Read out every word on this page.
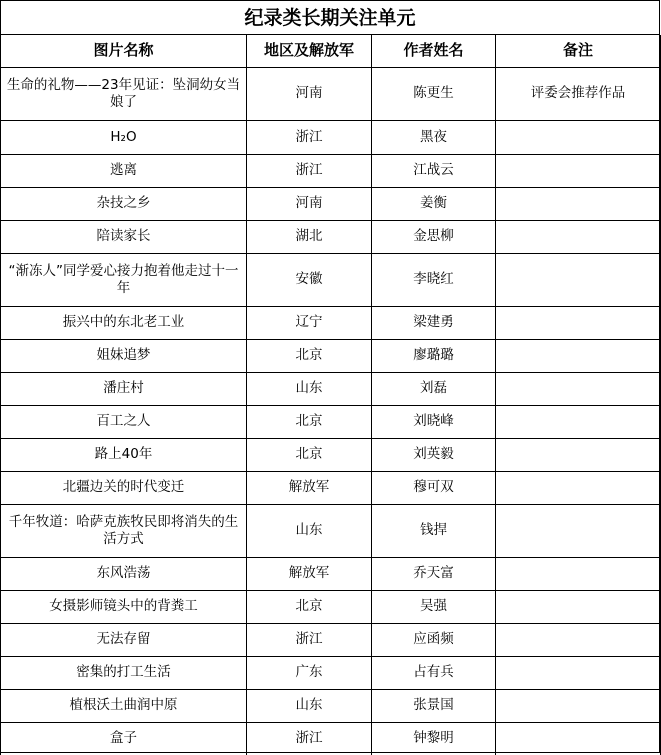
纪录类长期关注单元
图片名称	地区及解放军	作者姓名	备注
生命的礼物——23年见证：坠洞幼女当娘了	河南	陈更生	评委会推荐作品
H₂O	浙江	黑夜	
逃离	浙江	江战云	
杂技之乡	河南	姜衡	
陪读家长	湖北	金思柳	
“渐冻人”同学爱心接力抱着他走过十一年	安徽	李晓红	
振兴中的东北老工业	辽宁	梁建勇	
姐妹追梦	北京	廖璐璐	
潘庄村	山东	刘磊	
百工之人	北京	刘晓峰	
路上40年	北京	刘英毅	
北疆边关的时代变迁	解放军	穆可双	
千年牧道：哈萨克族牧民即将消失的生活方式	山东	钱捍	
东风浩荡	解放军	乔天富	
女摄影师镜头中的背粪工	北京	吴强	
无法存留	浙江	应函频	
密集的打工生活	广东	占有兵	
植根沃土曲润中原	山东	张景国	
盒子	浙江	钟黎明	
